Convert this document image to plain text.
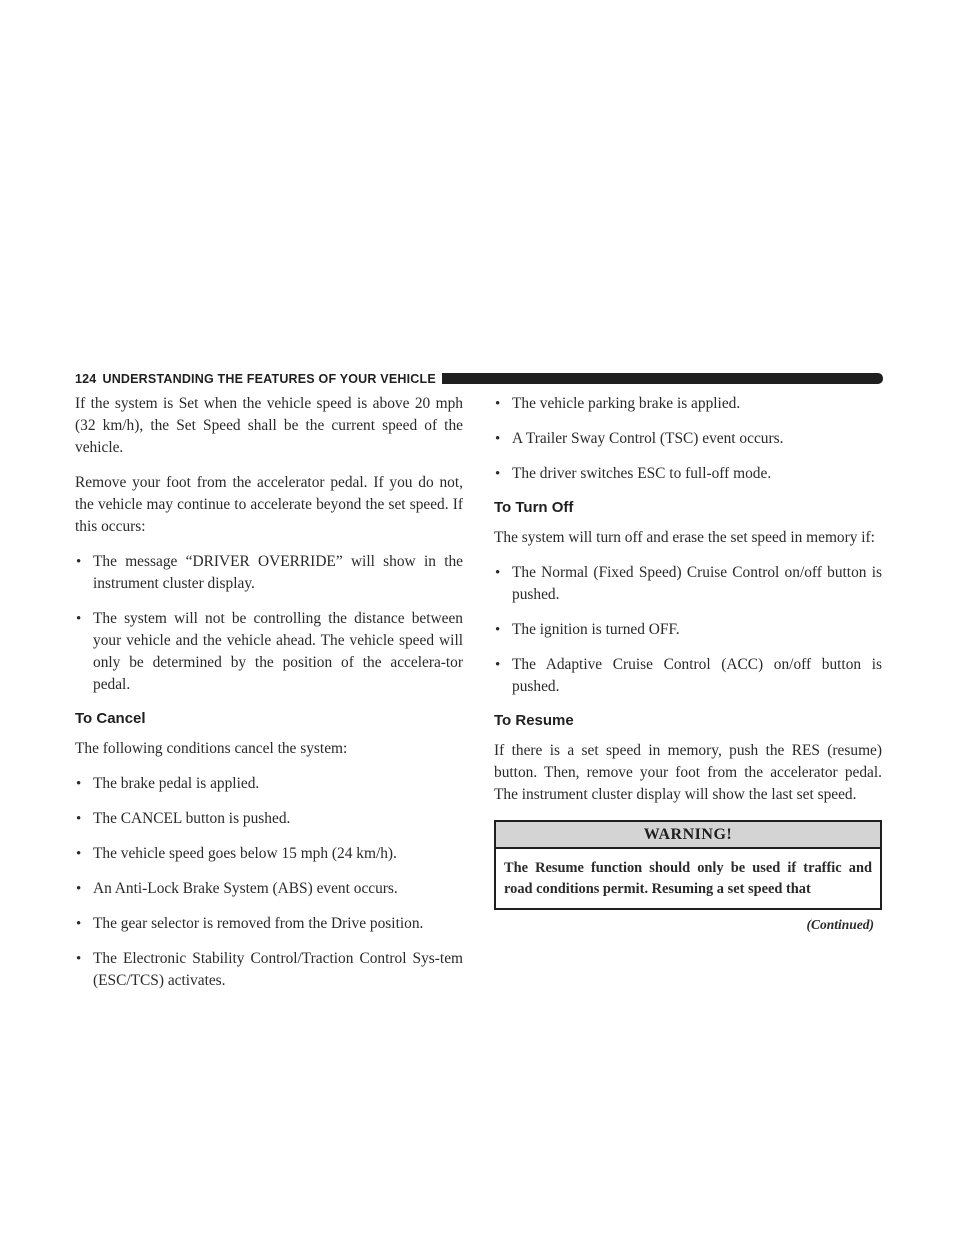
124 UNDERSTANDING THE FEATURES OF YOUR VEHICLE

If the system is Set when the vehicle speed is above 20 mph (32 km/h), the Set Speed shall be the current speed of the vehicle.

Remove your foot from the accelerator pedal. If you do not, the vehicle may continue to accelerate beyond the set speed. If this occurs:

• The message “DRIVER OVERRIDE” will show in the instrument cluster display.
• The system will not be controlling the distance between your vehicle and the vehicle ahead. The vehicle speed will only be determined by the position of the accelera-tor pedal.
To Cancel

The following conditions cancel the system:

• The brake pedal is applied.
• The CANCEL button is pushed.
• The vehicle speed goes below 15 mph (24 km/h).
• An Anti-Lock Brake System (ABS) event occurs.
• The gear selector is removed from the Drive position.
• The Electronic Stability Control/Traction Control Sys-tem (ESC/TCS) activates.
• The vehicle parking brake is applied.
• A Trailer Sway Control (TSC) event occurs.
• The driver switches ESC to full-off mode.
To Turn Off

The system will turn off and erase the set speed in memory if:

• The Normal (Fixed Speed) Cruise Control on/off button is pushed.
• The ignition is turned OFF.
• The Adaptive Cruise Control (ACC) on/off button is pushed.
To Resume

If there is a set speed in memory, push the RES (resume) button. Then, remove your foot from the accelerator pedal. The instrument cluster display will show the last set speed.

WARNING!
The Resume function should only be used if traffic and road conditions permit. Resuming a set speed that
(Continued)
